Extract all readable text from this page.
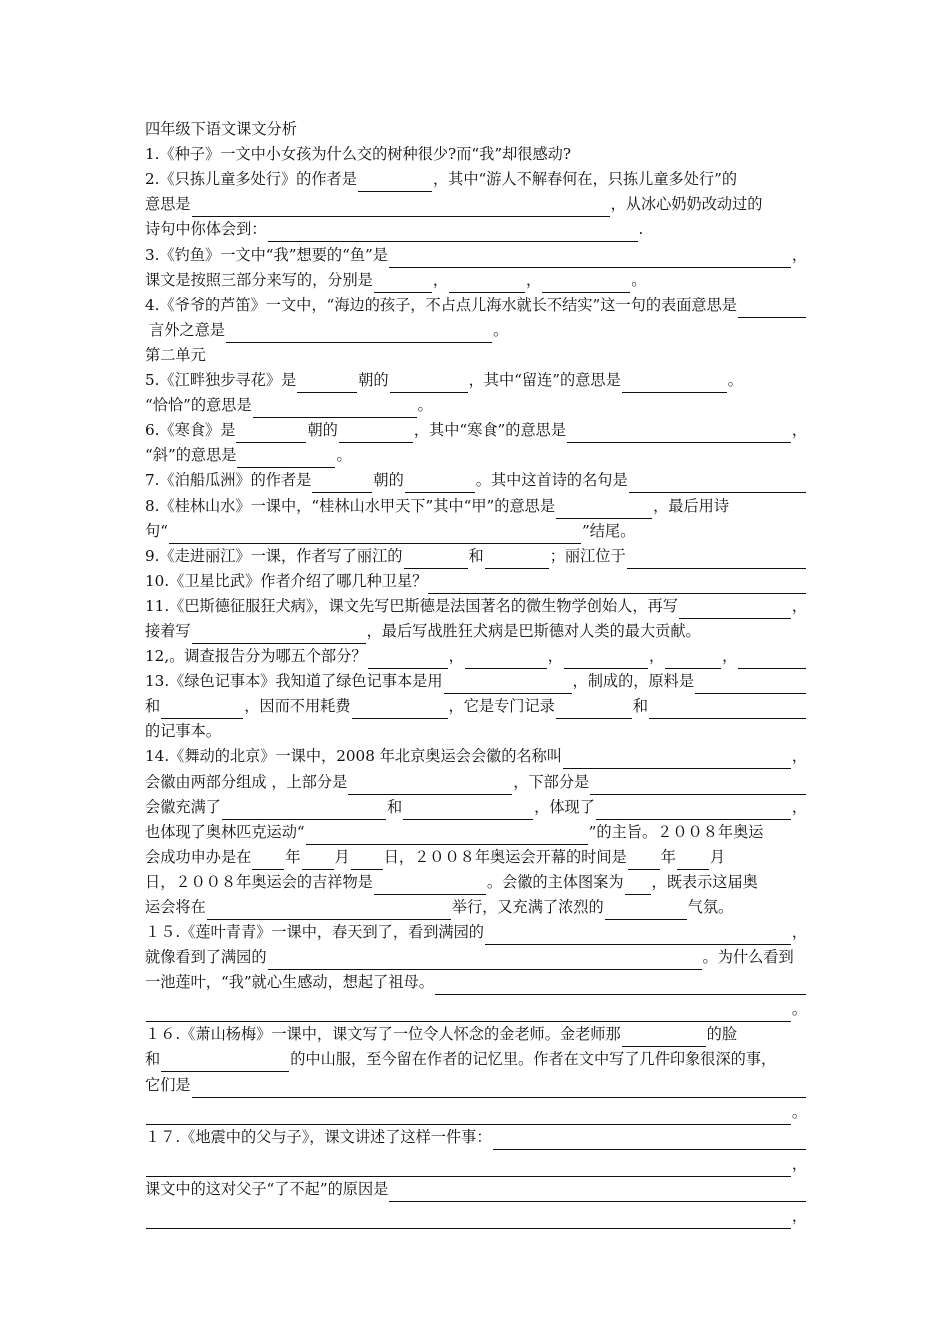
四年级下语文课文分析
1.《种子》一文中小女孩为什么交的树种很少?而“我”却很感动?
2.《只拣儿童多处行》的作者是	，其中“游人不解春何在，只拣儿童多处行”的
意思是	，从冰心奶奶改动过的
诗句中你体会到：	.
3.《钓鱼》一文中“我”想要的“鱼”是	，
课文是按照三部分来写的，分别是	，	，	。
4.《爷爷的芦笛》一文中，“海边的孩子，不占点儿海水就长不结实”这一句的表面意思是
言外之意是	。
第二单元
5.《江畔独步寻花》是	朝的	，其中“留连”的意思是	。
“恰恰”的意思是	。
6.《寒食》是	朝的	，其中“寒食”的意思是	，
“斜”的意思是	。
7.《泊船瓜洲》的作者是	朝的	。其中这首诗的名句是
8.《桂林山水》一课中，“桂林山水甲天下”其中“甲”的意思是	，最后用诗
句“	”结尾。
9.《走进丽江》一课，作者写了丽江的	和	；丽江位于
10.《卫星比武》作者介绍了哪几种卫星？
11.《巴斯德征服狂犬病》，课文先写巴斯德是法国著名的微生物学创始人，再写	，
接着写	，最后写战胜狂犬病是巴斯德对人类的最大贡献。
12,。调查报告分为哪五个部分？	，	，	，	，
13.《绿色记事本》我知道了绿色记事本是用	，制成的，原料是
和	，因而不用耗费	，它是专门记录	和
的记事本。
14.《舞动的北京》一课中，2008 年北京奥运会会徽的名称叫	，
会徽由两部分组成 ，上部分是	，下部分是
会徽充满了	和	，体现了	，
也体现了奥林匹克运动“	”的主旨。２００８年奥运
会成功申办是在 年 月 日，２００８年奥运会开幕的时间是 年 月
日，２００８年奥运会的吉祥物是	。会徽的主体图案为 ，既表示这届奥
运会将在	举行，又充满了浓烈的	气氛。
１５.《莲叶青青》一课中，春天到了，看到满园的	，
就像看到了满园的	。为什么看到
一池莲叶，“我”就心生感动，想起了祖母。
。
１６.《萧山杨梅》一课中，课文写了一位令人怀念的金老师。金老师那	的脸
和	的中山服，至今留在作者的记忆里。作者在文中写了几件印象很深的事，
它们是
。
１７.《地震中的父与子》，课文讲述了这样一件事：
，
课文中的这对父子“了不起”的原因是
，
